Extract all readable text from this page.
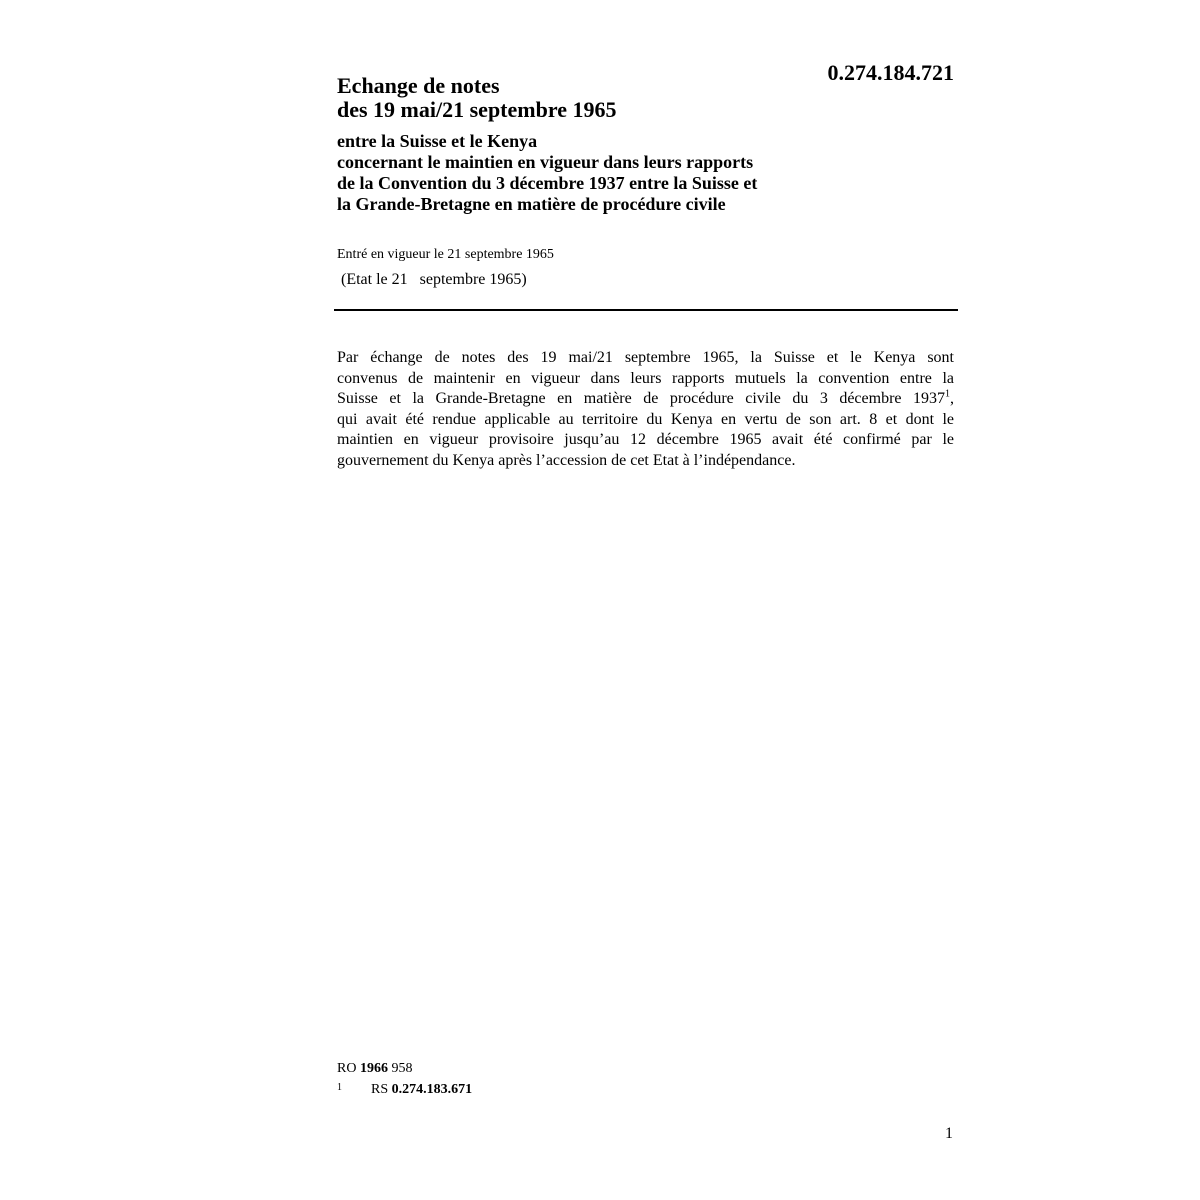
0.274.184.721
Echange de notes
des 19 mai/21 septembre 1965
entre la Suisse et le Kenya
concernant le maintien en vigueur dans leurs rapports
de la Convention du 3 décembre 1937 entre la Suisse et
la Grande-Bretagne en matière de procédure civile
Entré en vigueur le 21 septembre 1965
(Etat le 21   septembre 1965)
Par échange de notes des 19 mai/21 septembre 1965, la Suisse et le Kenya sont
convenus de maintenir en vigueur dans leurs rapports mutuels la convention entre la
Suisse et la Grande-Bretagne en matière de procédure civile du 3 décembre 1937$^1$,
qui avait été rendue applicable au territoire du Kenya en vertu de son art. 8 et dont le
maintien en vigueur provisoire jusqu’au 12 décembre 1965 avait été confirmé par le
gouvernement du Kenya après l’accession de cet Etat à l’indépendance.
RO
1966
958
1	RS
0.274.183.671
1
